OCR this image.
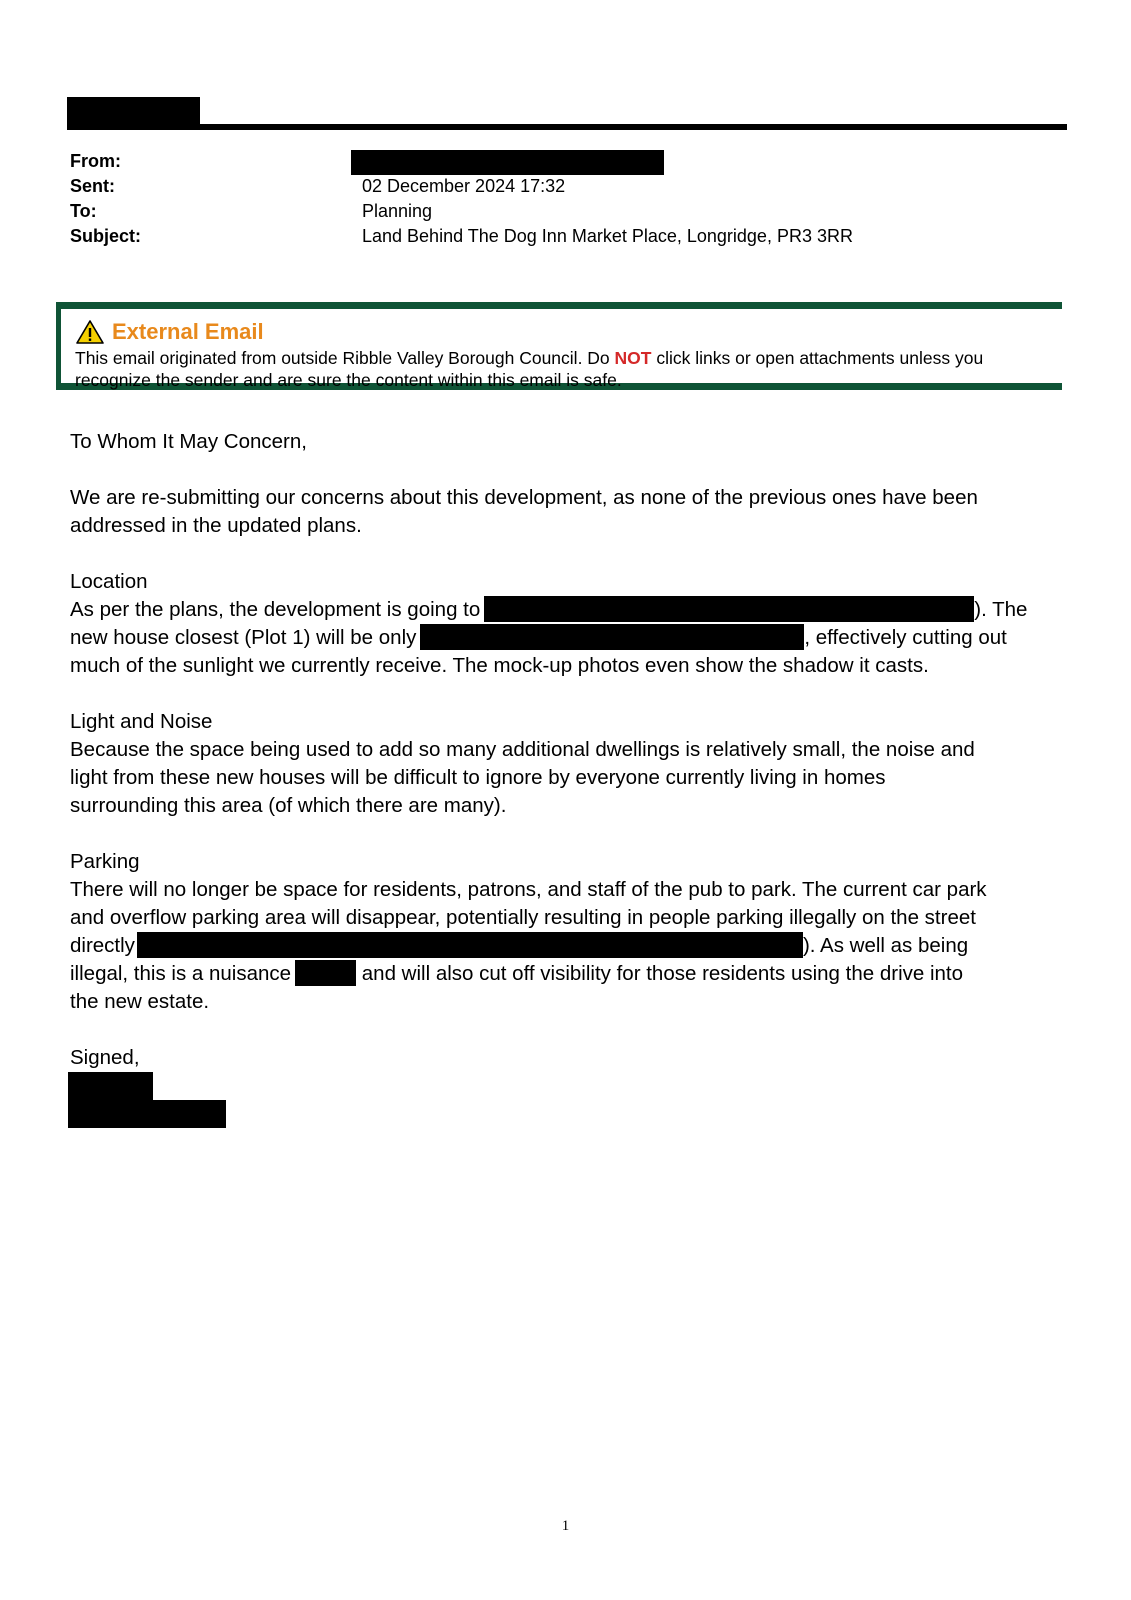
From:
Sent:	02 December 2024 17:32
To:	Planning
Subject:	Land Behind The Dog Inn Market Place, Longridge, PR3 3RR
External Email
This email originated from outside Ribble Valley Borough Council. Do NOT click links or open attachments unless you
recognize the sender and are sure the content within this email is safe.
To Whom It May Concern,
We are re-submitting our concerns about this development, as none of the previous ones have been
addressed in the updated plans.
Location
As per the plans, the development is going to	). The
new house closest (Plot 1) will be only	, effectively cutting out
much of the sunlight we currently receive. The mock-up photos even show the shadow it casts.
Light and Noise
Because the space being used to add so many additional dwellings is relatively small, the noise and
light from these new houses will be difficult to ignore by everyone currently living in homes
surrounding this area (of which there are many).
Parking
There will no longer be space for residents, patrons, and staff of the pub to park. The current car park
and overflow parking area will disappear, potentially resulting in people parking illegally on the street
directly	). As well as being
illegal, this is a nuisance	and will also cut off visibility for those residents using the drive into
the new estate.
Signed,
1
